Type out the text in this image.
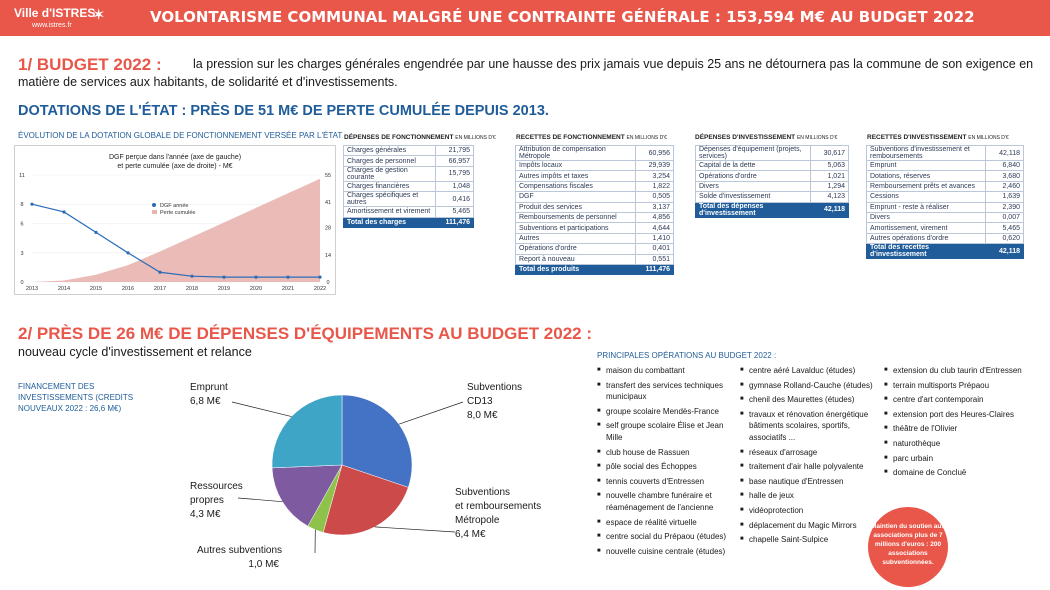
Ville d'ISTRES
www.istres.fr
✶	VOLONTARISME COMMUNAL MALGRÉ UNE CONTRAINTE GÉNÉRALE : 153,594 M€ AU BUDGET 2022
1/ BUDGET 2022 :	la pression sur les charges générales engendrée par une hausse des prix jamais vue depuis 25 ans ne détournera pas la commune de son exigence en matière de services aux habitants, de solidarité et d'investissements.
DOTATIONS DE L'ÉTAT : PRÈS DE 51 M€ DE PERTE CUMULÉE DEPUIS 2013.
ÉVOLUTION DE LA DOTATION GLOBALE DE FONCTIONNEMENT VERSÉE PAR L'ÉTAT
0
3
6
8
11
0
14
28
41
55
2013	2014	2015	2016	2017	2018	2019	2020	2021	2022
DGF perçue dans l'année (axe de gauche)
et perte cumulée (axe de droite) - M€
DGF année
Perte cumulée
DÉPENSES DE FONCTIONNEMENT EN MILLIONS D'€
Charges générales	21,795
Charges de personnel	66,957
Charges de gestion courante	15,795
Charges financières	1,048
Charges spécifiques et autres	0,416
Amortissement et virement	5,465
Total des charges	111,476
RECETTES DE FONCTIONNEMENT EN MILLIONS D'€
Attribution de compensation Métropole	60,956
Impôts locaux	29,939
Autres impôts et taxes	3,254
Compensations fiscales	1,822
DGF	0,505
Produit des services	3,137
Remboursements de personnel	4,856
Subventions et participations	4,644
Autres	1,410
Opérations d'ordre	0,401
Report à nouveau	0,551
Total des produits	111,476
DÉPENSES D'INVESTISSEMENT EN MILLIONS D'€
Dépenses d'équipement (projets, services)	30,617
Capital de la dette	5,063
Opérations d'ordre	1,021
Divers	1,294
Solde d'investissement	4,123
Total des dépenses d'investissement	42,118
RECETTES D'INVESTISSEMENT EN MILLIONS D'€
Subventions d'investissement et remboursements	42,118
Emprunt	6,840
Dotations, réserves	3,680
Remboursement prêts et avances	2,460
Cessions	1,639
Emprunt - reste à réaliser	2,390
Divers	0,007
Amortissement, virement	5,465
Autres opérations d'ordre	0,620
Total des recettes d'investissement	42,118
2/ PRÈS DE 26 M€ DE DÉPENSES D'ÉQUIPEMENTS AU BUDGET 2022 :
nouveau cycle d'investissement et relance
FINANCEMENT DES INVESTISSEMENTS (CREDITS NOUVEAUX 2022 : 26,6 M€)
Emprunt
6,8 M€
Subventions
CD13
8,0 M€
Subventions
et remboursements
Métropole
6,4 M€
Ressources
propres
4,3 M€
Autres subventions
1,0 M€
PRINCIPALES OPÉRATIONS AU BUDGET 2022 :
■ maison du combattant
■ transfert des services techniques municipaux
■ groupe scolaire Mendès-France
■ self groupe scolaire Élise et Jean Mille
■ club house de Rassuen
■ pôle social des Échoppes
■ tennis couverts d'Entressen
■ nouvelle chambre funéraire et réaménagement de l'ancienne
■ espace de réalité virtuelle
■ centre social du Prépaou (études)
■ nouvelle cuisine centrale (études)
■ centre aéré Lavalduc (études)
■ gymnase Rolland-Cauche (études)
■ chenil des Maurettes (études)
■ travaux et rénovation énergétique bâtiments scolaires, sportifs, associatifs ...
■ réseaux d'arrosage
■ traitement d'air halle polyvalente
■ base nautique d'Entressen
■ halle de jeux
■ vidéoprotection
■ déplacement du Magic Mirrors
■ chapelle Saint-Sulpice
■ extension du club taurin d'Entressen
■ terrain multisports Prépaou
■ centre d'art contemporain
■ extension port des Heures-Claires
■ théâtre de l'Olivier
■ naturothèque
■ parc urbain
■ domaine de Concluë
Maintien du soutien aux associations plus de 7 millions d'euros : 200 associations subventionnées.
